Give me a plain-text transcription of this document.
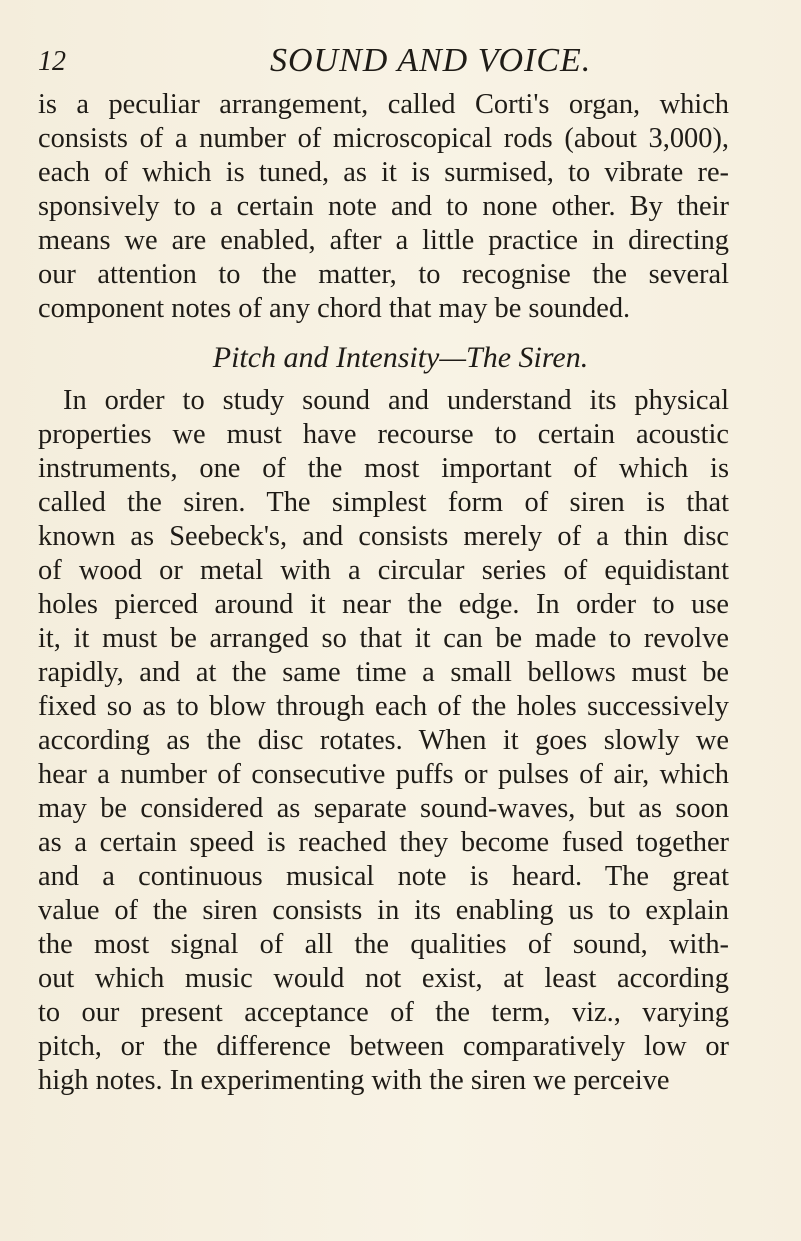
12	SOUND AND VOICE.
is a peculiar arrangement, called Corti's organ, which
consists of a number of microscopical rods (about 3,000),
each of which is tuned, as it is surmised, to vibrate re-
sponsively to a certain note and to none other. By their
means we are enabled, after a little practice in directing
our attention to the matter, to recognise the several
component notes of any chord that may be sounded.
Pitch and Intensity—The Siren.
In order to study sound and understand its physical
properties we must have recourse to certain acoustic
instruments, one of the most important of which is
called the siren. The simplest form of siren is that
known as Seebeck's, and consists merely of a thin disc
of wood or metal with a circular series of equidistant
holes pierced around it near the edge. In order to use
it, it must be arranged so that it can be made to revolve
rapidly, and at the same time a small bellows must be
fixed so as to blow through each of the holes successively
according as the disc rotates. When it goes slowly we
hear a number of consecutive puffs or pulses of air, which
may be considered as separate sound-waves, but as soon
as a certain speed is reached they become fused together
and a continuous musical note is heard. The great
value of the siren consists in its enabling us to explain
the most signal of all the qualities of sound, with-
out which music would not exist, at least according
to our present acceptance of the term, viz., varying
pitch, or the difference between comparatively low or
high notes. In experimenting with the siren we perceive
